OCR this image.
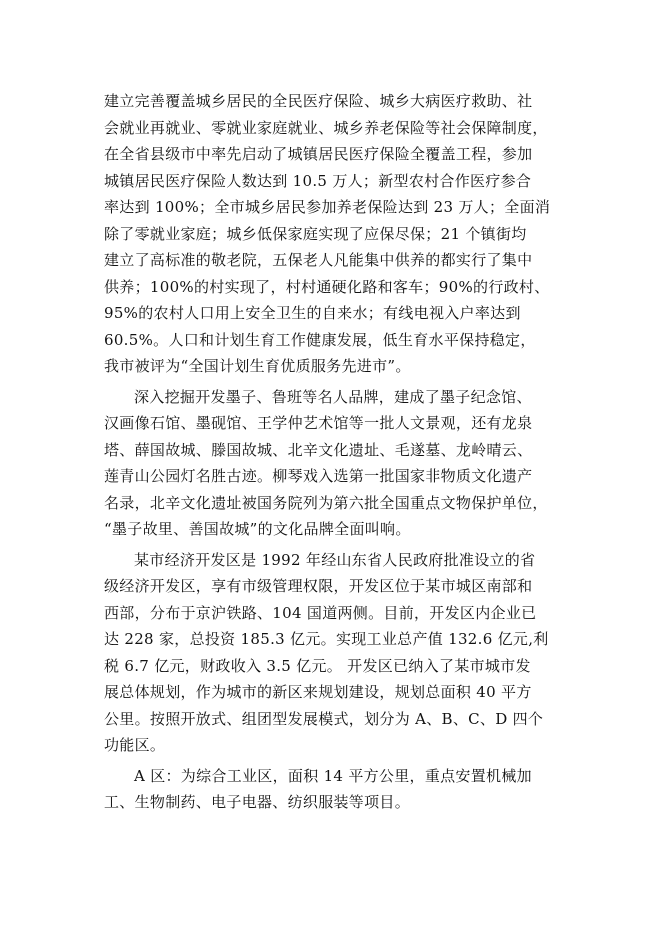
建立完善覆盖城乡居民的全民医疗保险、城乡大病医疗救助、社
会就业再就业、零就业家庭就业、城乡养老保险等社会保障制度，
在全省县级市中率先启动了城镇居民医疗保险全覆盖工程，参加
城镇居民医疗保险人数达到 10.5 万人；新型农村合作医疗参合
率达到 100%；全市城乡居民参加养老保险达到 23 万人；全面消
除了零就业家庭；城乡低保家庭实现了应保尽保；21 个镇街均
建立了高标准的敬老院，五保老人凡能集中供养的都实行了集中
供养；100%的村实现了，村村通硬化路和客车；90%的行政村、
95%的农村人口用上安全卫生的自来水；有线电视入户率达到
60.5%。人口和计划生育工作健康发展，低生育水平保持稳定，
我市被评为“全国计划生育优质服务先进市”。
深入挖掘开发墨子、鲁班等名人品牌，建成了墨子纪念馆、
汉画像石馆、墨砚馆、王学仲艺术馆等一批人文景观，还有龙泉
塔、薛国故城、滕国故城、北辛文化遗址、毛遂墓、龙岭晴云、
莲青山公园灯名胜古迹。柳琴戏入选第一批国家非物质文化遗产
名录，北辛文化遗址被国务院列为第六批全国重点文物保护单位，
“墨子故里、善国故城”的文化品牌全面叫响。
某市经济开发区是 1992 年经山东省人民政府批准设立的省
级经济开发区，享有市级管理权限，开发区位于某市城区南部和
西部，分布于京沪铁路、104 国道两侧。目前，开发区内企业已
达 228 家，总投资 185.3 亿元。实现工业总产值 132.6 亿元,利
税 6.7 亿元，财政收入 3.5 亿元。 开发区已纳入了某市城市发
展总体规划，作为城市的新区来规划建设，规划总面积 40 平方
公里。按照开放式、组团型发展模式，划分为 A、B、C、D 四个
功能区。
A 区：为综合工业区，面积 14 平方公里，重点安置机械加
工、生物制药、电子电器、纺织服装等项目。
